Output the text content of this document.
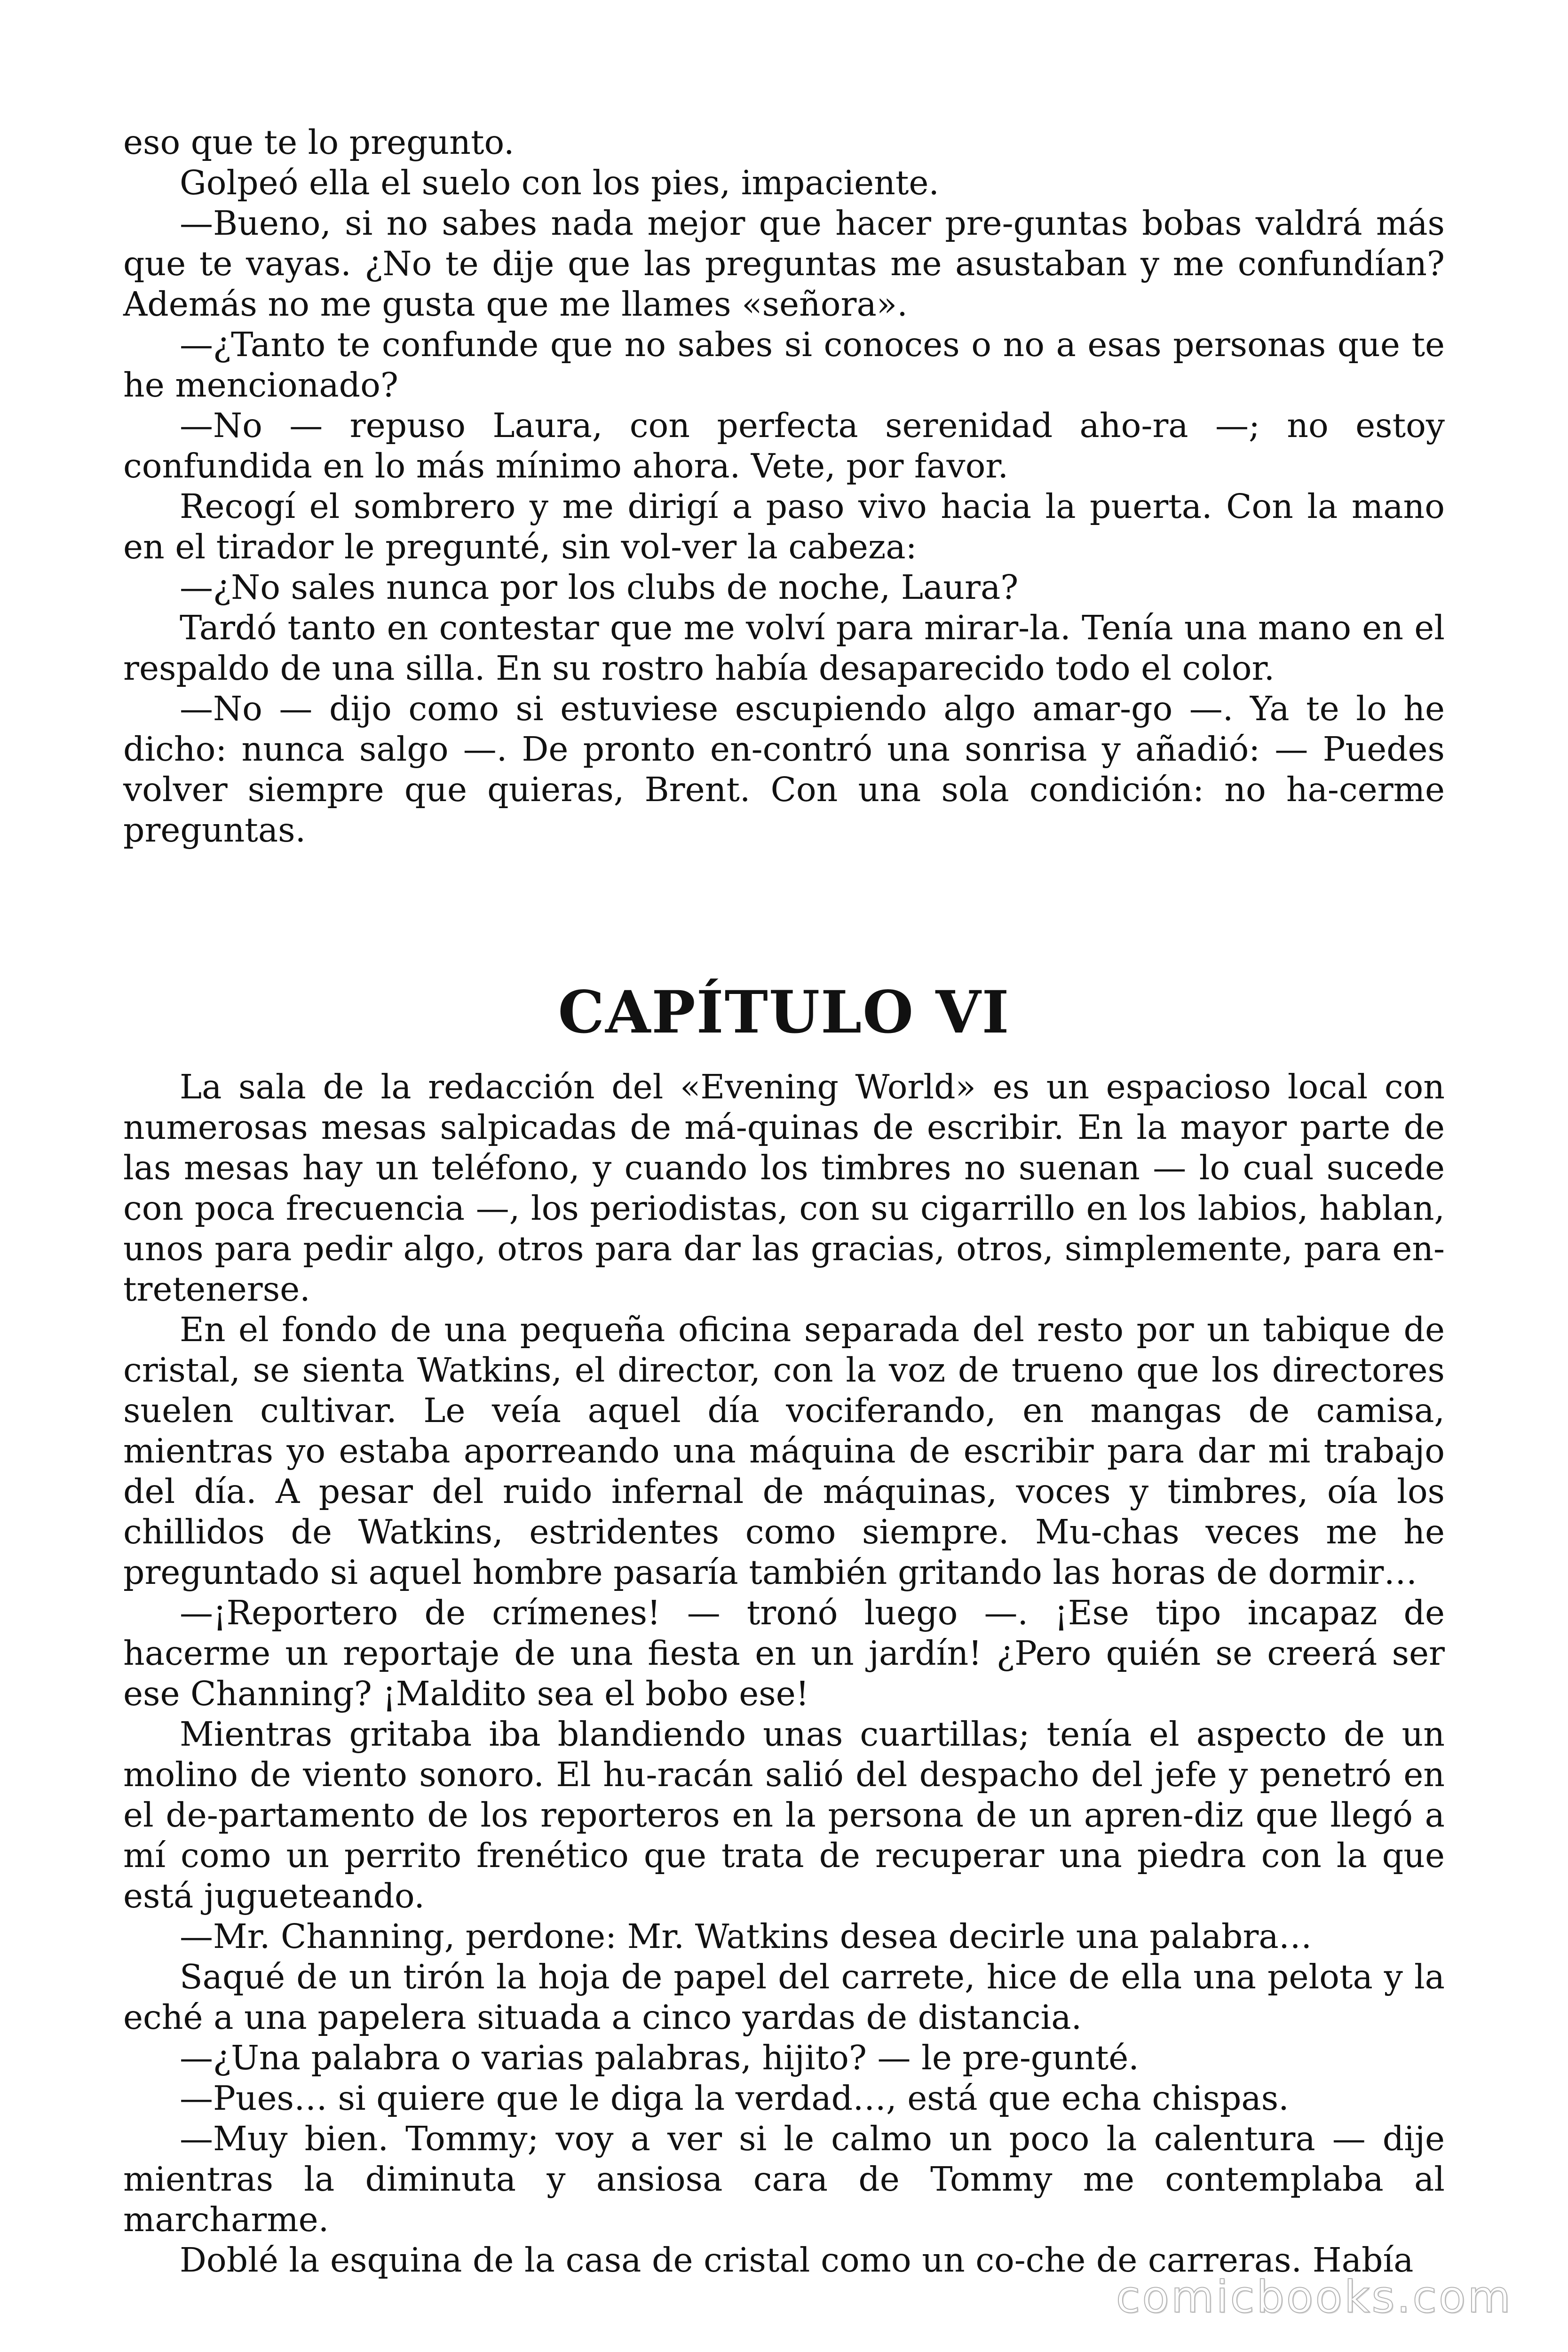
eso que te lo pregunto.

Golpeó ella el suelo con los pies, impaciente.

—Bueno, si no sabes nada mejor que hacer pre-guntas bobas valdrá más que te vayas. ¿No te dije que las preguntas me asustaban y me confundían? Además no me gusta que me llames «señora».

—¿Tanto te confunde que no sabes si conoces o no a esas personas que te he mencionado?

—No — repuso Laura, con perfecta serenidad aho-ra —; no estoy confundida en lo más mínimo ahora. Vete, por favor.

Recogí el sombrero y me dirigí a paso vivo hacia la puerta. Con la mano en el tirador le pregunté, sin vol-ver la cabeza:

—¿No sales nunca por los clubs de noche, Laura?

Tardó tanto en contestar que me volví para mirar-la. Tenía una mano en el respaldo de una silla. En su rostro había desaparecido todo el color.

—No — dijo como si estuviese escupiendo algo amar-go —. Ya te lo he dicho: nunca salgo —. De pronto en-contró una sonrisa y añadió: — Puedes volver siempre que quieras, Brent. Con una sola condición: no ha-cerme preguntas.

CAPÍTULO VI

La sala de la redacción del «Evening World» es un espacioso local con numerosas mesas salpicadas de má-quinas de escribir. En la mayor parte de las mesas hay un teléfono, y cuando los timbres no suenan — lo cual sucede con poca frecuencia —, los periodistas, con su cigarrillo en los labios, hablan, unos para pedir algo, otros para dar las gracias, otros, simplemente, para en-tretenerse.

En el fondo de una pequeña oficina separada del resto por un tabique de cristal, se sienta Watkins, el director, con la voz de trueno que los directores suelen cultivar. Le veía aquel día vociferando, en mangas de camisa, mientras yo estaba aporreando una máquina de escribir para dar mi trabajo del día. A pesar del ruido infernal de máquinas, voces y timbres, oía los chillidos de Watkins, estridentes como siempre. Mu-chas veces me he preguntado si aquel hombre pasaría también gritando las horas de dormir…

—¡Reportero de crímenes! — tronó luego —. ¡Ese tipo incapaz de hacerme un reportaje de una fiesta en un jardín! ¿Pero quién se creerá ser ese Channing? ¡Maldito sea el bobo ese!

Mientras gritaba iba blandiendo unas cuartillas; tenía el aspecto de un molino de viento sonoro. El hu-racán salió del despacho del jefe y penetró en el de-partamento de los reporteros en la persona de un apren-diz que llegó a mí como un perrito frenético que trata de recuperar una piedra con la que está jugueteando.

—Mr. Channing, perdone: Mr. Watkins desea decirle una palabra…

Saqué de un tirón la hoja de papel del carrete, hice de ella una pelota y la eché a una papelera situada a cinco yardas de distancia.

—¿Una palabra o varias palabras, hijito? — le pre-gunté.

—Pues… si quiere que le diga la verdad…, está que echa chispas.

—Muy bien. Tommy; voy a ver si le calmo un poco la calentura — dije mientras la diminuta y ansiosa cara de Tommy me contemplaba al marcharme.

Doblé la esquina de la casa de cristal como un co-che de carreras. Había

comicbooks.com
